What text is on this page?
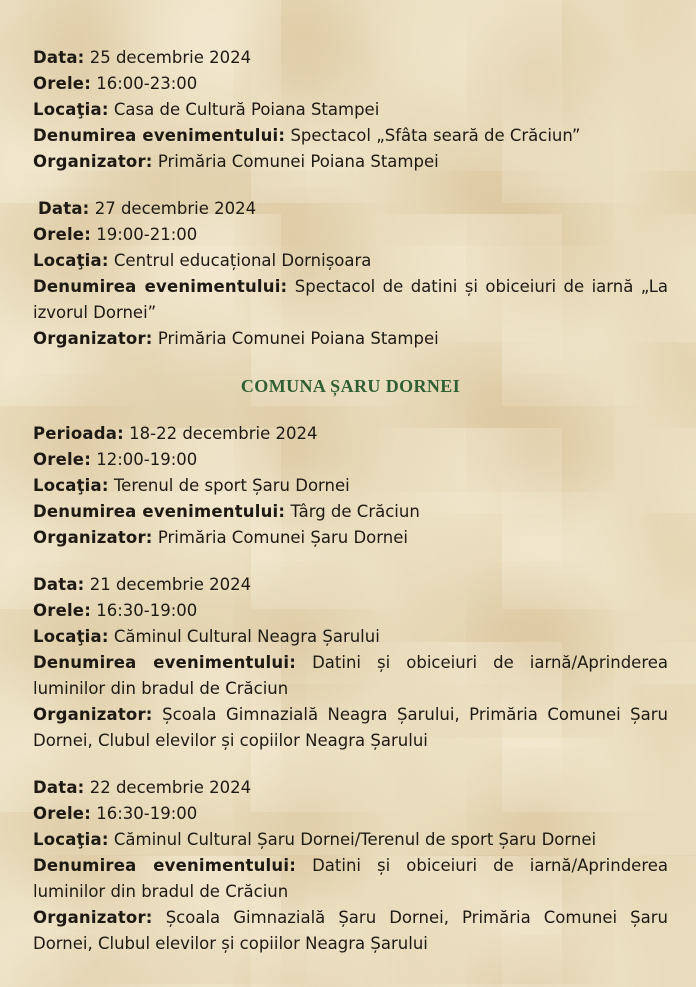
Data: 25 decembrie 2024

Orele: 16:00-23:00

Locaţia: Casa de Cultură Poiana Stampei

Denumirea evenimentului: Spectacol „Sfâta seară de Crăciun”

Organizator: Primăria Comunei Poiana Stampei

Data: 27 decembrie 2024

Orele: 19:00-21:00

Locaţia: Centrul educațional Dornișoara

Denumirea evenimentului: Spectacol de datini și obiceiuri de iarnă „La izvorul Dornei”

Organizator: Primăria Comunei Poiana Stampei

COMUNA ȘARU DORNEI

Perioada: 18-22 decembrie 2024

Orele: 12:00-19:00

Locaţia: Terenul de sport Șaru Dornei

Denumirea evenimentului: Târg de Crăciun

Organizator: Primăria Comunei Șaru Dornei

Data: 21 decembrie 2024

Orele: 16:30-19:00

Locaţia: Căminul Cultural Neagra Șarului

Denumirea evenimentului: Datini și obiceiuri de iarnă/Aprinderea luminilor din bradul de Crăciun

Organizator: Școala Gimnazială Neagra Șarului, Primăria Comunei Șaru Dornei, Clubul elevilor și copiilor Neagra Șarului

Data: 22 decembrie 2024

Orele: 16:30-19:00

Locaţia: Căminul Cultural Șaru Dornei/Terenul de sport Șaru Dornei

Denumirea evenimentului: Datini și obiceiuri de iarnă/Aprinderea luminilor din bradul de Crăciun

Organizator: Școala Gimnazială Șaru Dornei, Primăria Comunei Șaru Dornei, Clubul elevilor și copiilor Neagra Șarului
